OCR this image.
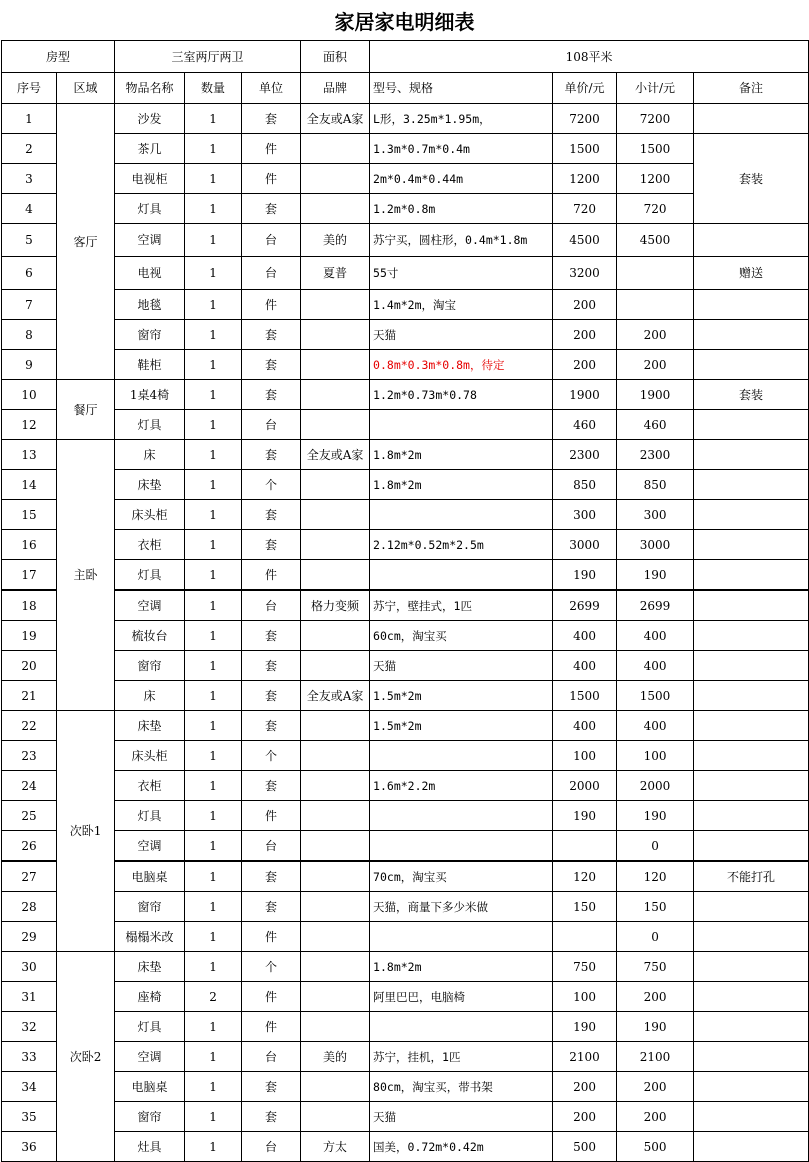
家居家电明细表
房型		三室两厅两卫			面积	108平米			
序号	区域	物品名称	数量	单位	品牌	型号、规格	单价/元	小计/元	备注
1	客厅	沙发	1	套	全友或A家	L形，3.25m*1.95m，	7200	7200	
2		茶几	1	件		1.3m*0.7m*0.4m	1500	1500	套装
3		电视柜	1	件		2m*0.4m*0.44m	1200	1200	
4		灯具	1	套		1.2m*0.8m	720	720	
5		空调	1	台	美的	苏宁买，圆柱形，0.4m*1.8m	4500	4500	
6		电视	1	台	夏普	55寸	3200		赠送
7		地毯	1	件		1.4m*2m，淘宝	200		
8		窗帘	1	套		天猫	200	200	
9		鞋柜	1	套		0.8m*0.3m*0.8m，待定	200	200	
10	餐厅	1桌4椅	1	套		1.2m*0.73m*0.78	1900	1900	套装
12		灯具	1	台			460	460	
13	主卧	床	1	套	全友或A家	1.8m*2m	2300	2300	
14		床垫	1	个		1.8m*2m	850	850	
15		床头柜	1	套			300	300	
16		衣柜	1	套		2.12m*0.52m*2.5m	3000	3000	
17		灯具	1	件			190	190	
18		空调	1	台	格力变频	苏宁，壁挂式，1匹	2699	2699	
19		梳妆台	1	套		60cm，淘宝买	400	400	
20		窗帘	1	套		天猫	400	400	
21		床	1	套	全友或A家	1.5m*2m	1500	1500	
22	次卧1	床垫	1	套		1.5m*2m	400	400	
23		床头柜	1	个			100	100	
24		衣柜	1	套		1.6m*2.2m	2000	2000	
25		灯具	1	件			190	190	
26		空调	1	台				0	
27		电脑桌	1	套		70cm，淘宝买	120	120	不能打孔
28		窗帘	1	套		天猫，商量下多少米做	150	150	
29		榻榻米改	1	件				0	
30	次卧2	床垫	1	个		1.8m*2m	750	750	
31		座椅	2	件		阿里巴巴，电脑椅	100	200	
32		灯具	1	件			190	190	
33		空调	1	台	美的	苏宁，挂机，1匹	2100	2100	
34		电脑桌	1	套		80cm，淘宝买，带书架	200	200	
35		窗帘	1	套		天猫	200	200	
36		灶具	1	台	方太	国美，0.72m*0.42m	500	500	
